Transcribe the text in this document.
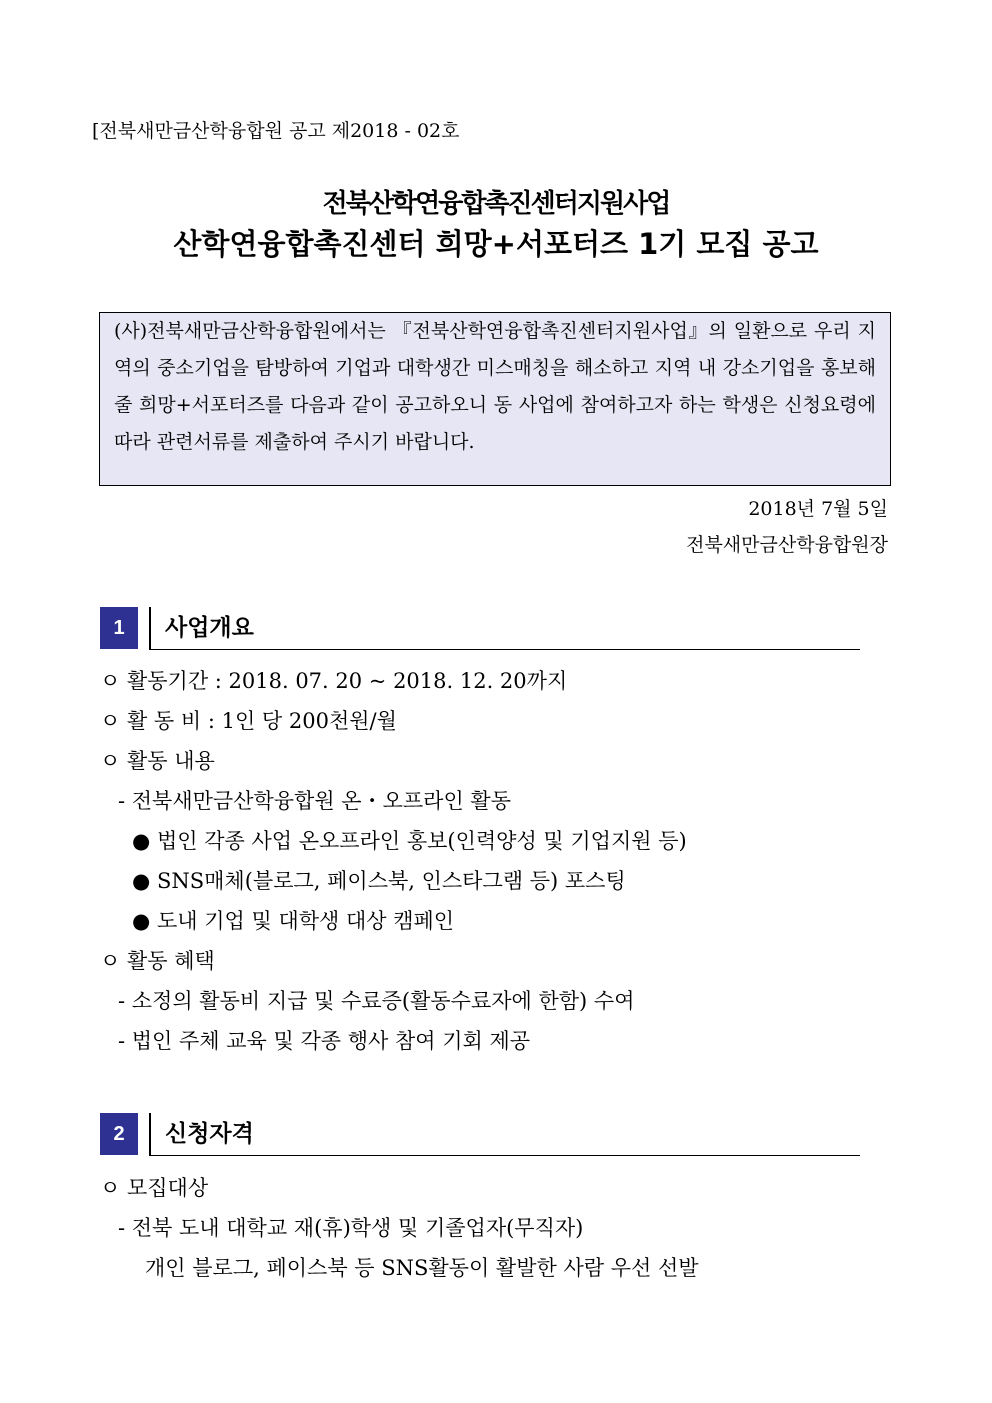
[전북새만금산학융합원 공고 제2018 - 02호
전북산학연융합촉진센터지원사업
산학연융합촉진센터 희망+서포터즈 1기 모집 공고
(사)전북새만금산학융합원에서는 『전북산학연융합촉진센터지원사업』의 일환으로 우리 지역의 중소기업을 탐방하여 기업과 대학생간 미스매칭을 해소하고 지역 내 강소기업을 홍보해줄 희망+서포터즈를 다음과 같이 공고하오니 동 사업에 참여하고자 하는 학생은 신청요령에 따라 관련서류를 제출하여 주시기 바랍니다.
2018년 7월 5일
전북새만금산학융합원장
1	사업개요
ㅇ 활동기간 : 2018. 07. 20 ~ 2018. 12. 20까지
ㅇ 활 동 비 : 1인 당 200천원/월
ㅇ 활동 내용
- 전북새만금산학융합원 온・오프라인 활동
● 법인 각종 사업 온오프라인 홍보(인력양성 및 기업지원 등)
● SNS매체(블로그, 페이스북, 인스타그램 등) 포스팅
● 도내 기업 및 대학생 대상 캠페인
ㅇ 활동 혜택
- 소정의 활동비 지급 및 수료증(활동수료자에 한함) 수여
- 법인 주체 교육 및 각종 행사 참여 기회 제공
2	신청자격
ㅇ 모집대상
- 전북 도내 대학교 재(휴)학생 및 기졸업자(무직자)
개인 블로그, 페이스북 등 SNS활동이 활발한 사람 우선 선발
